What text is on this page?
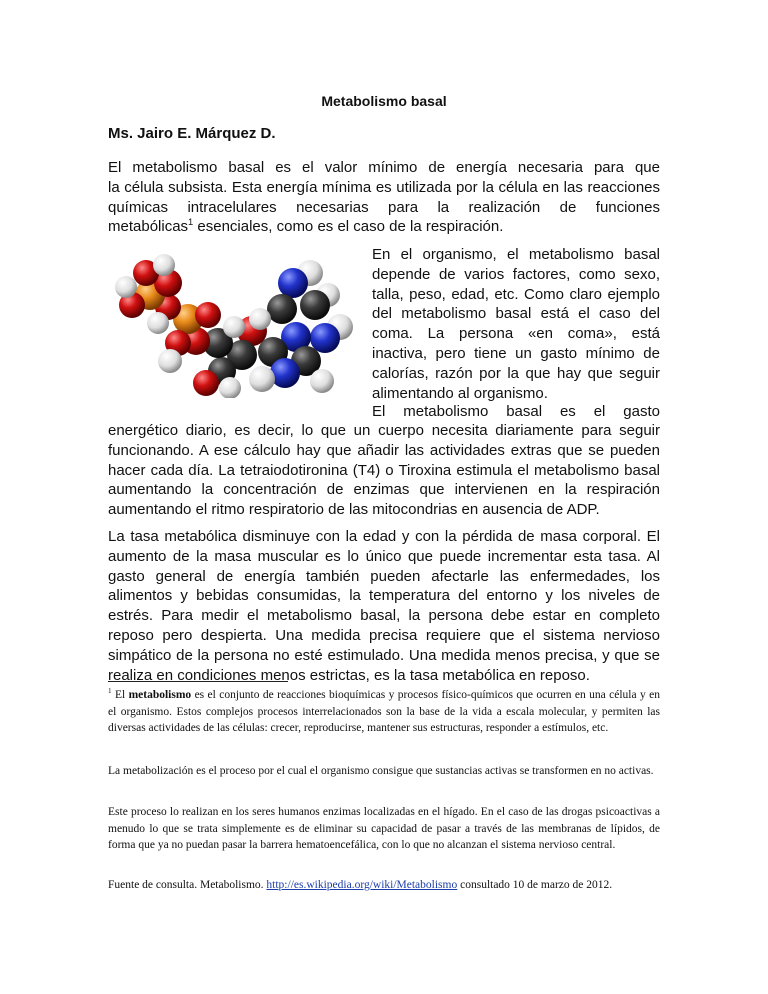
Metabolismo basal
Ms. Jairo E. Márquez D.
El metabolismo basal es el valor mínimo de energía necesaria para que
la célula subsista. Esta energía mínima es utilizada por la célula en las reacciones
químicas intracelulares necesarias para la realización de funciones
metabólicas$^1$ esenciales, como es el caso de la respiración.
En el organismo, el metabolismo basal depende de varios factores, como sexo, talla, peso, edad, etc. Como claro ejemplo del metabolismo basal está el caso del coma. La persona «en coma», está inactiva, pero tiene un gasto mínimo de calorías, razón por la que hay que seguir alimentando al organismo.
El metabolismo basal es el gasto
energético diario, es decir, lo que un cuerpo necesita diariamente para seguir funcionando. A ese cálculo hay que añadir las actividades extras que se pueden hacer cada día. La tetraiodotironina (T4) o Tiroxina estimula el metabolismo basal aumentando la concentración de enzimas que intervienen en la respiración aumentando el ritmo respiratorio de las mitocondrias en ausencia de ADP.
La tasa metabólica disminuye con la edad y con la pérdida de masa corporal. El aumento de la masa muscular es lo único que puede incrementar esta tasa. Al gasto general de energía también pueden afectarle las enfermedades, los alimentos y bebidas consumidas, la temperatura del entorno y los niveles de estrés. Para medir el metabolismo basal, la persona debe estar en completo reposo pero despierta. Una medida precisa requiere que el sistema nervioso simpático de la persona no esté estimulado. Una medida menos precisa, y que se realiza en condiciones menos estrictas, es la tasa metabólica en reposo.
$^1$ El metabolismo es el conjunto de reacciones bioquímicas y procesos físico-químicos que ocurren en una célula y en el organismo. Estos complejos procesos interrelacionados son la base de la vida a escala molecular, y permiten las diversas actividades de las células: crecer, reproducirse, mantener sus estructuras, responder a estímulos, etc.
La metabolización es el proceso por el cual el organismo consigue que sustancias activas se transformen en no activas.
Este proceso lo realizan en los seres humanos enzimas localizadas en el hígado. En el caso de las drogas psicoactivas a menudo lo que se trata simplemente es de eliminar su capacidad de pasar a través de las membranas de lípidos, de forma que ya no puedan pasar la barrera hematoencefálica, con lo que no alcanzan el sistema nervioso central.
Fuente de consulta. Metabolismo. http://es.wikipedia.org/wiki/Metabolismo consultado 10 de marzo de 2012.
